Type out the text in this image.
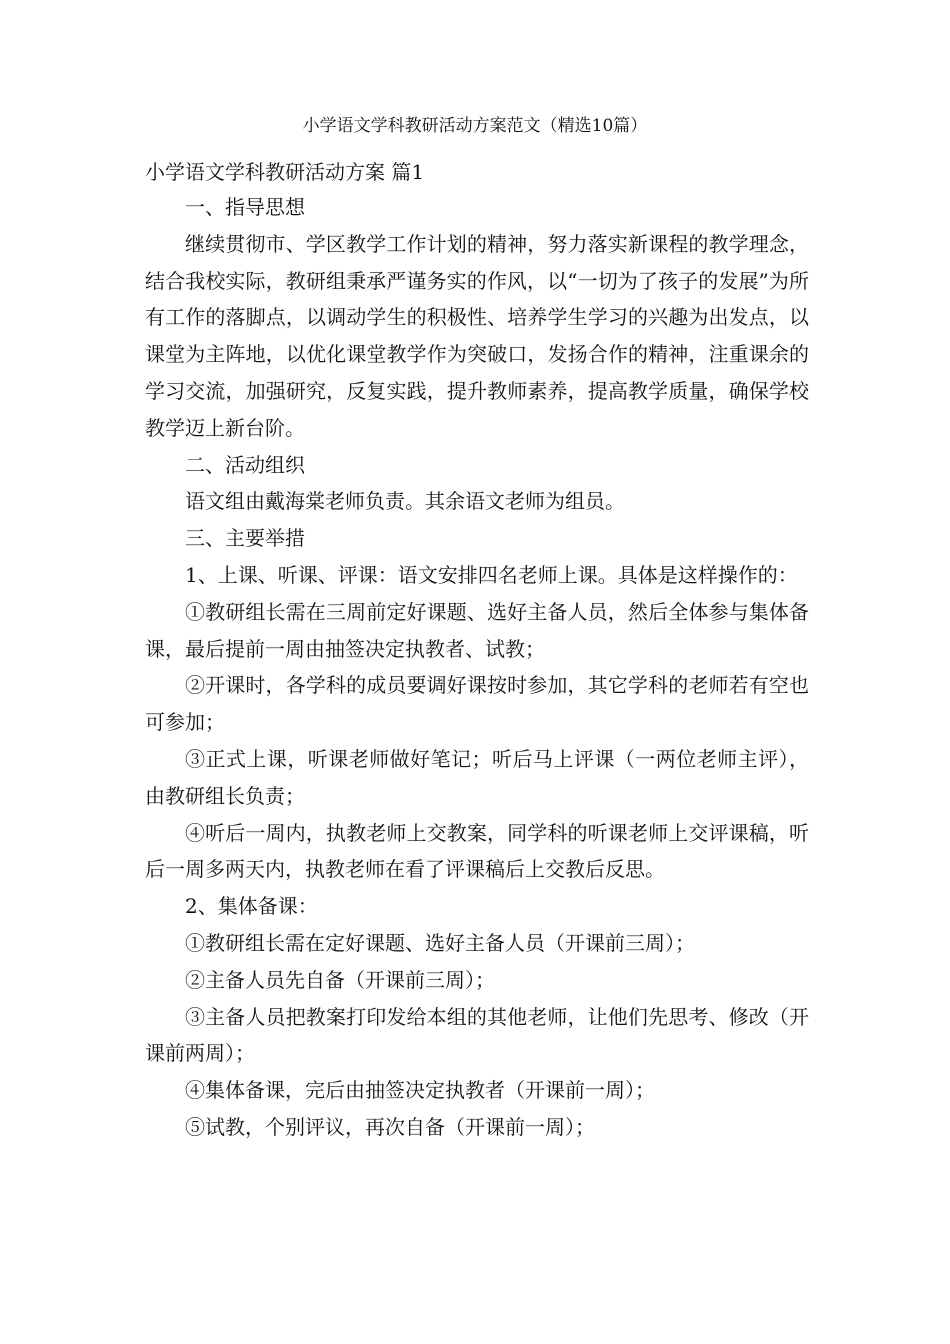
小学语文学科教研活动方案范文（精选10篇）
小学语文学科教研活动方案 篇1

一、指导思想

继续贯彻市、学区教学工作计划的精神，努力落实新课程的教学理念，结合我校实际，教研组秉承严谨务实的作风，以“一切为了孩子的发展”为所有工作的落脚点，以调动学生的积极性、培养学生学习的兴趣为出发点，以课堂为主阵地，以优化课堂教学作为突破口，发扬合作的精神，注重课余的学习交流，加强研究，反复实践，提升教师素养，提高教学质量，确保学校教学迈上新台阶。

二、活动组织

语文组由戴海棠老师负责。其余语文老师为组员。

三、主要举措

1、上课、听课、评课：语文安排四名老师上课。具体是这样操作的：

①教研组长需在三周前定好课题、选好主备人员，然后全体参与集体备课，最后提前一周由抽签决定执教者、试教；

②开课时，各学科的成员要调好课按时参加，其它学科的老师若有空也可参加；

③正式上课，听课老师做好笔记；听后马上评课（一两位老师主评），由教研组长负责；

④听后一周内，执教老师上交教案，同学科的听课老师上交评课稿，听后一周多两天内，执教老师在看了评课稿后上交教后反思。

2、集体备课：

①教研组长需在定好课题、选好主备人员（开课前三周）；

②主备人员先自备（开课前三周）；

③主备人员把教案打印发给本组的其他老师，让他们先思考、修改（开课前两周）；

④集体备课，完后由抽签决定执教者（开课前一周）；

⑤试教，个别评议，再次自备（开课前一周）；
